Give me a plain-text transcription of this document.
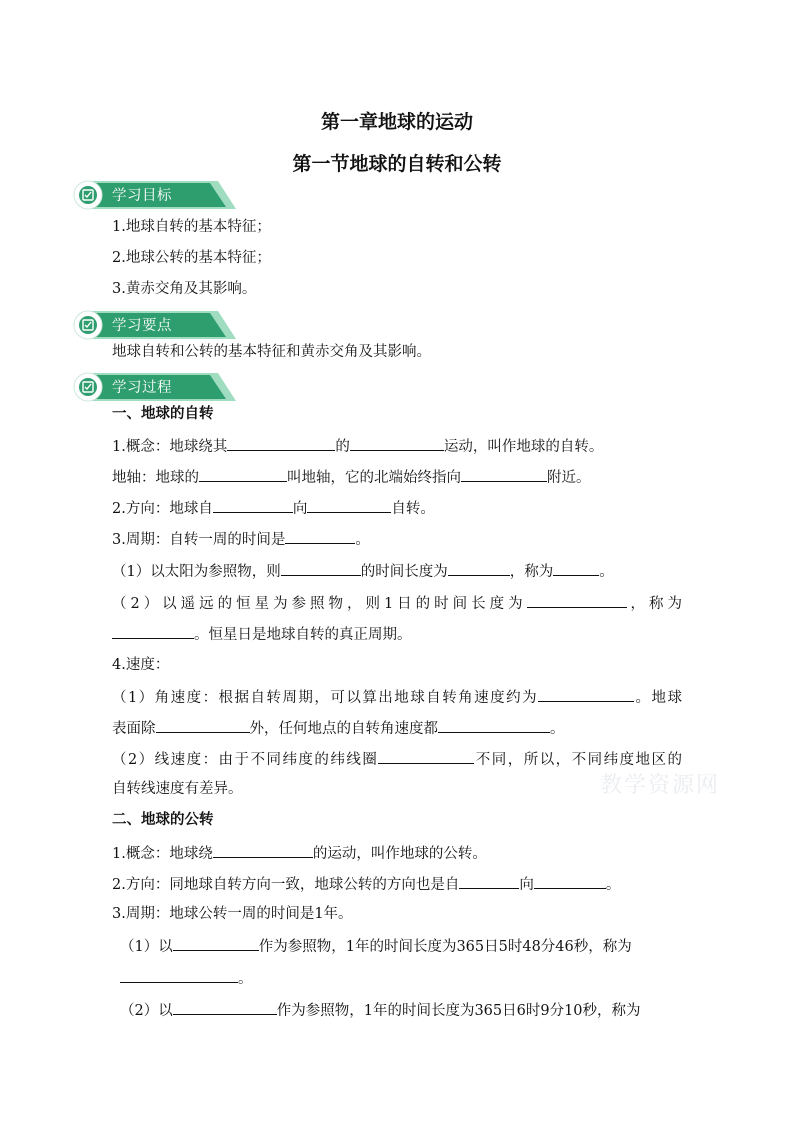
第一章地球的运动
第一节地球的自转和公转
学习目标
1.地球自转的基本特征；
2.地球公转的基本特征；
3.黄赤交角及其影响。
学习要点
地球自转和公转的基本特征和黄赤交角及其影响。
学习过程
一、地球的自转
1.概念：地球绕其	的	运动，叫作地球的自转。
地轴：地球的	叫地轴，它的北端始终指向	附近。
2.方向：地球自	向	自转。
3.周期：自转一周的时间是	。
（1）以太阳为参照物，则	的时间长度为	，称为	。
（2）以遥远的恒星为参照物，则1日的时间长度为	，称为
。恒星日是地球自转的真正周期。
4.速度：
（1）角速度：根据自转周期，可以算出地球自转角速度约为	。地球
表面除	外，任何地点的自转角速度都	。
（2）线速度：由于不同纬度的纬线圈	不同，所以，不同纬度地区的
自转线速度有差异。	教学资源网
二、地球的公转
1.概念：地球绕	的运动，叫作地球的公转。
2.方向：同地球自转方向一致，地球公转的方向也是自	向	。
3.周期：地球公转一周的时间是1年。
（1）以	作为参照物，1年的时间长度为365日5时48分46秒，称为
。
（2）以	作为参照物，1年的时间长度为365日6时9分10秒，称为
